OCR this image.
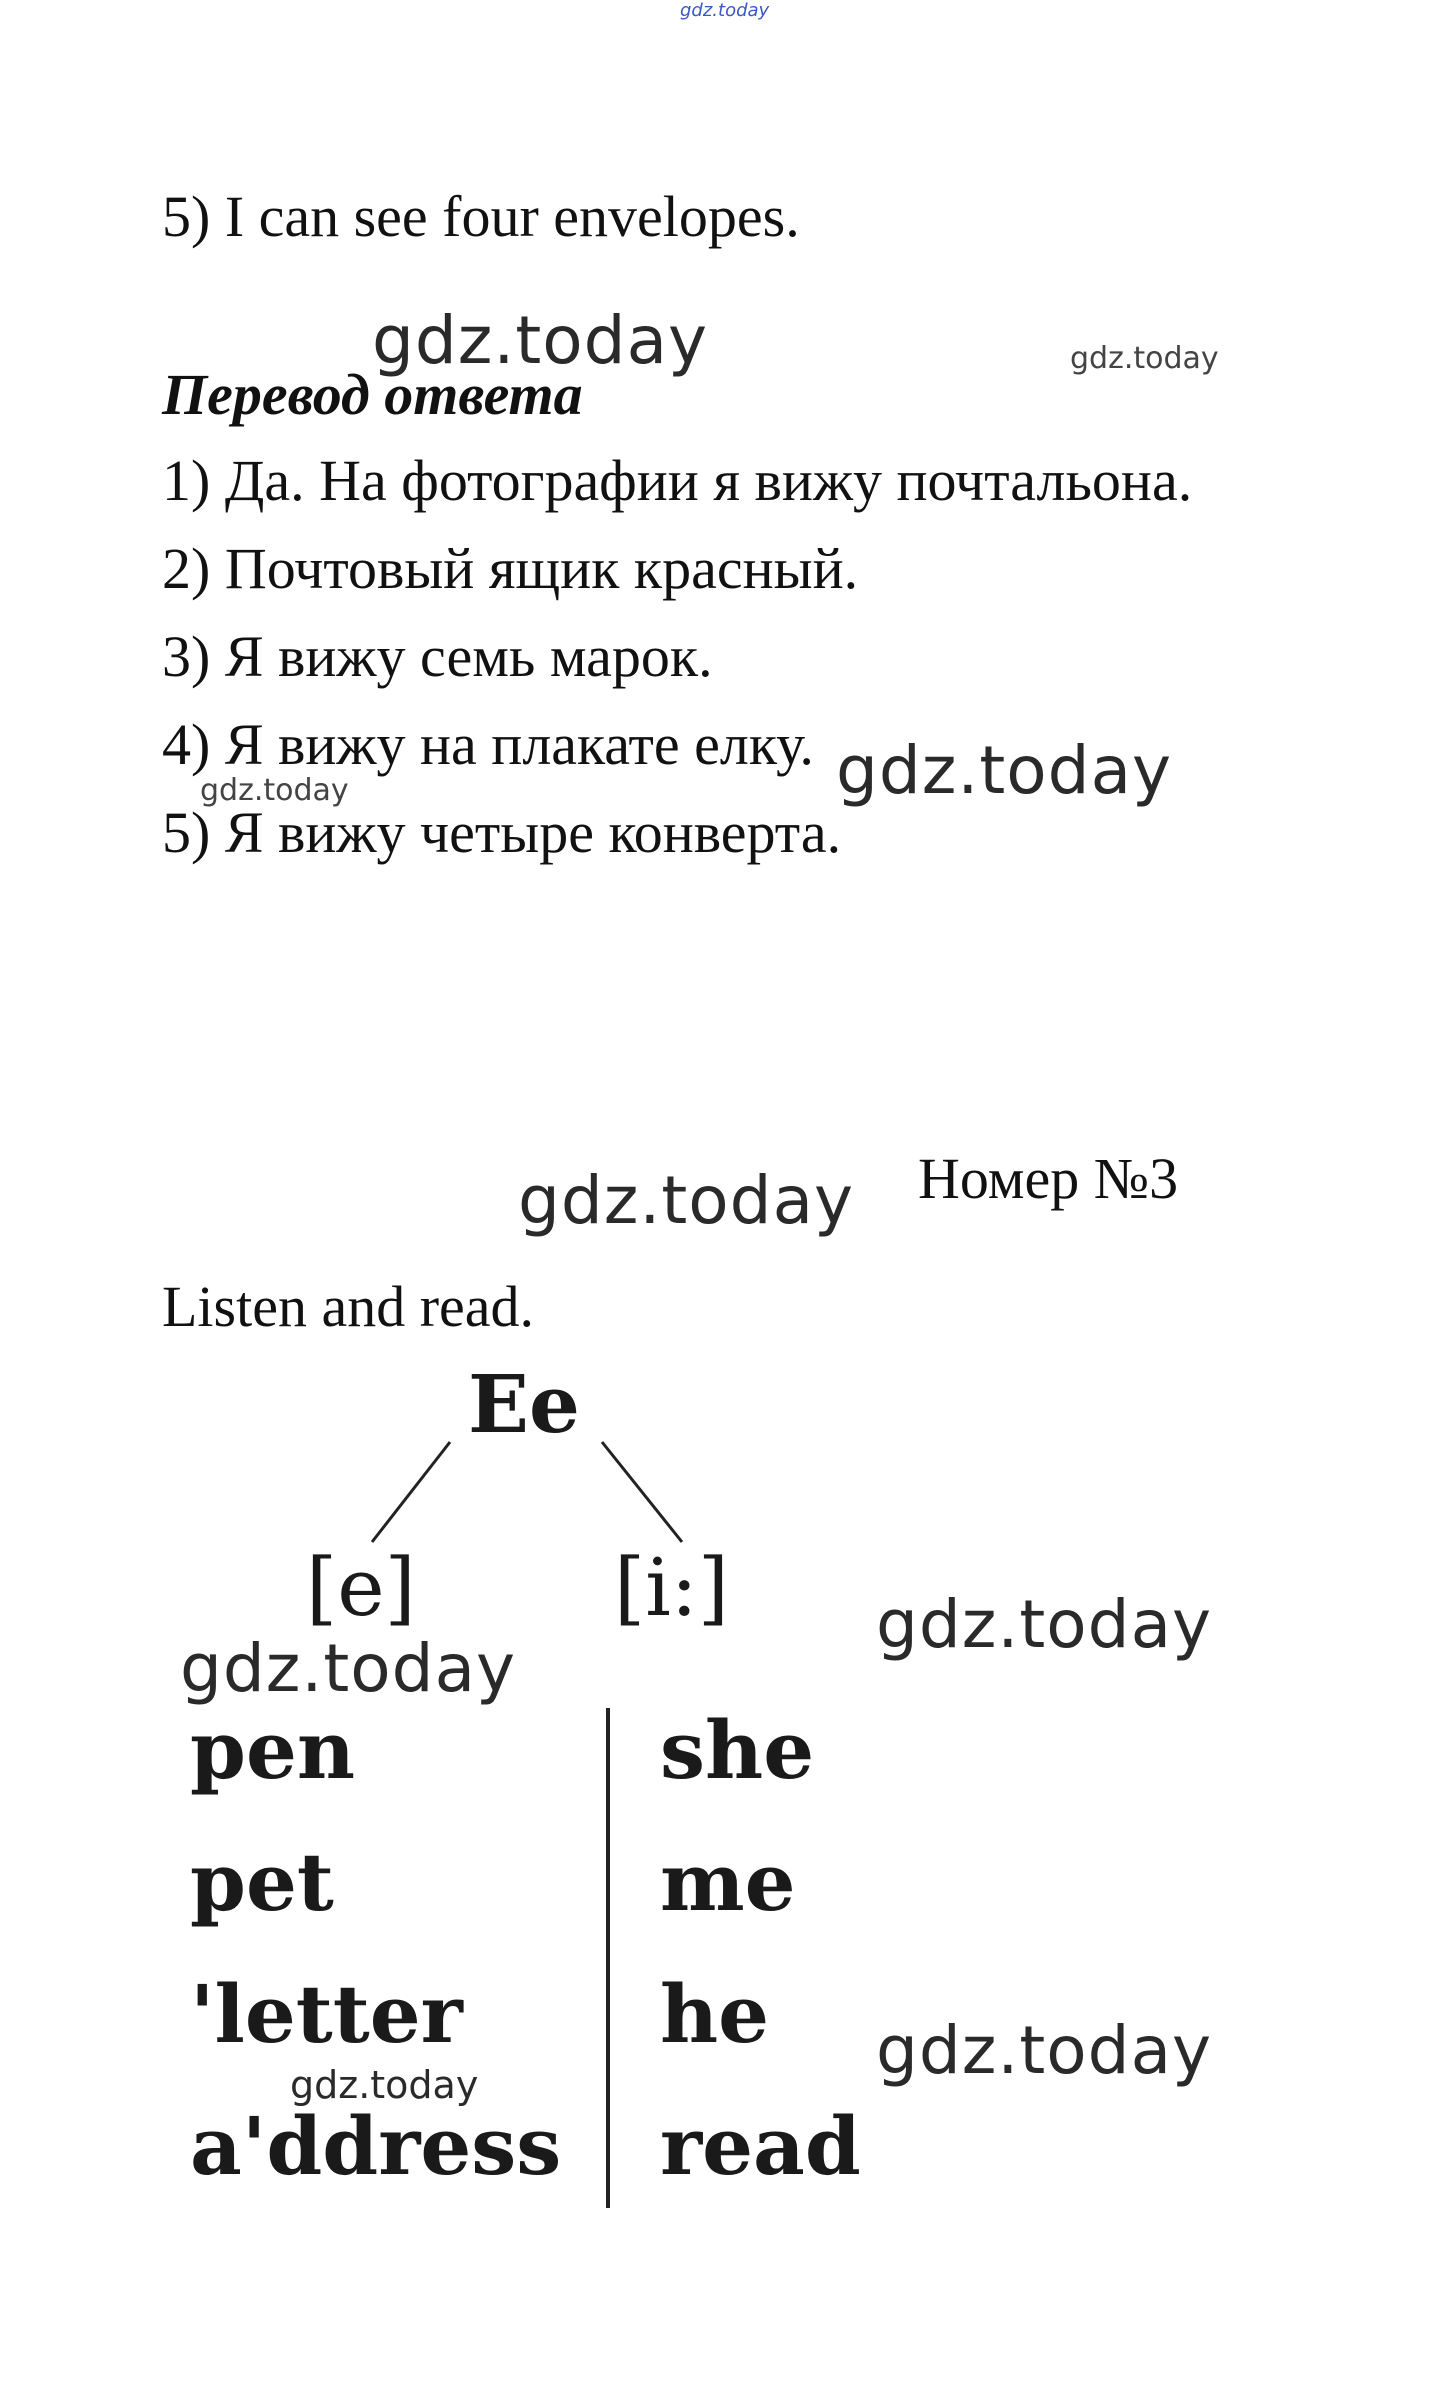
gdz.today
5) I can see four envelopes.
gdz.today	gdz.today
Перевод ответа
1) Да. На фотографии я вижу почтальона.
2) Почтовый ящик красный.
3) Я вижу семь марок.
4) Я вижу на плакате елку. gdz.today
gdz.today
5) Я вижу четыре конверта.
gdz.today Номер №3
Listen and read.
Ee
[e] [i:] gdz.today
gdz.today
pen
pet
'letter
a'ddress
she
me
he
read
gdz.today
gdz.today
